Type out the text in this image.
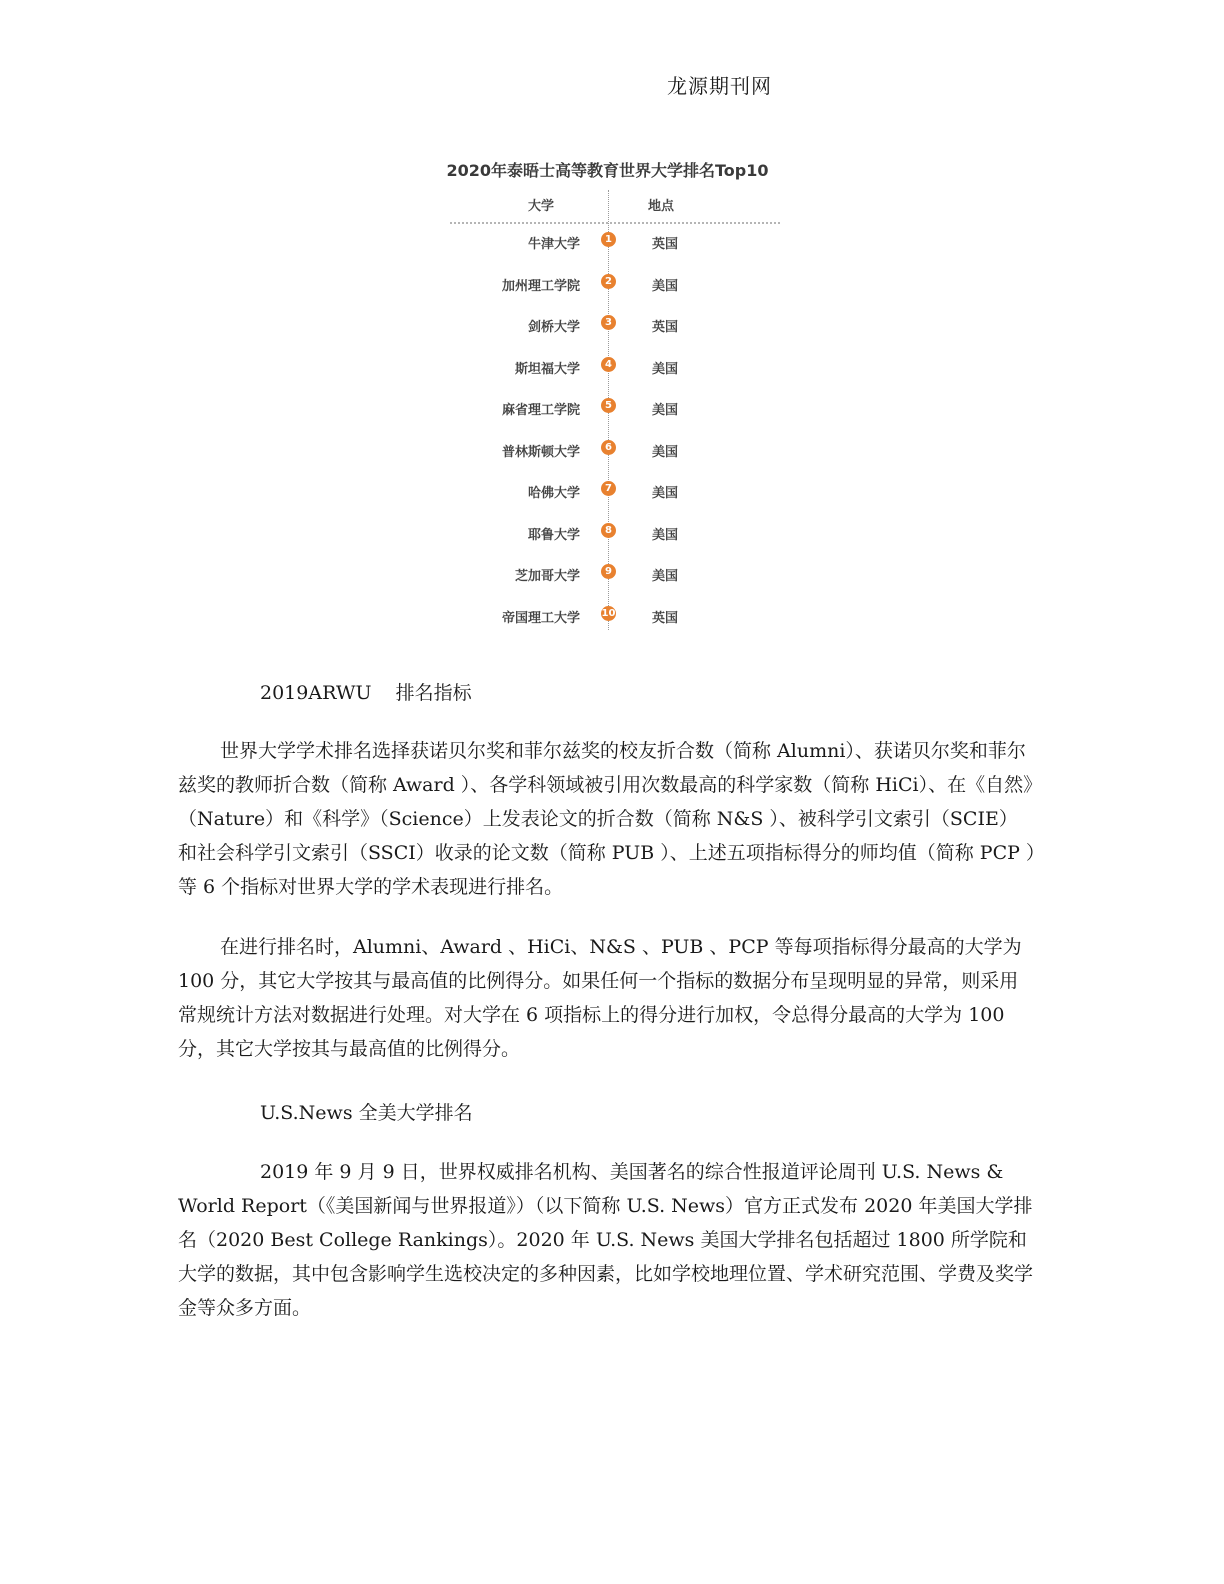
龙源期刊网
2020年泰晤士高等教育世界大学排名Top10
大学	地点
牛津大学	1	英国
加州理工学院	2	美国
剑桥大学	3	英国
斯坦福大学	4	美国
麻省理工学院	5	美国
普林斯顿大学	6	美国
哈佛大学	7	美国
耶鲁大学	8	美国
芝加哥大学	9	美国
帝国理工大学 10	英国
2019ARWU    排名指标

世界大学学术排名选择获诺贝尔奖和菲尔兹奖的校友折合数（简称 Alumni）、获诺贝尔奖和菲尔兹奖的教师折合数（简称 Award ）、各学科领域被引用次数最高的科学家数（简称 HiCi）、在《自然》（Nature）和《科学》（Science）上发表论文的折合数（简称 N&S ）、被科学引文索引（SCIE）和社会科学引文索引（SSCI）收录的论文数（简称 PUB ）、上述五项指标得分的师均值（简称 PCP ）等 6 个指标对世界大学的学术表现进行排名。

在进行排名时，Alumni、Award 、HiCi、N&S 、PUB 、PCP 等每项指标得分最高的大学为 100 分，其它大学按其与最高值的比例得分。如果任何一个指标的数据分布呈现明显的异常，则采用常规统计方法对数据进行处理。对大学在 6 项指标上的得分进行加权，令总得分最高的大学为 100 分，其它大学按其与最高值的比例得分。

U.S.News 全美大学排名

2019 年 9 月 9 日，世界权威排名机构、美国著名的综合性报道评论周刊 U.S. News & World Report（《美国新闻与世界报道》）（以下简称 U.S. News）官方正式发布 2020 年美国大学排名（2020 Best College Rankings）。2020 年 U.S. News 美国大学排名包括超过 1800 所学院和大学的数据，其中包含影响学生选校决定的多种因素，比如学校地理位置、学术研究范围、学费及奖学金等众多方面。
